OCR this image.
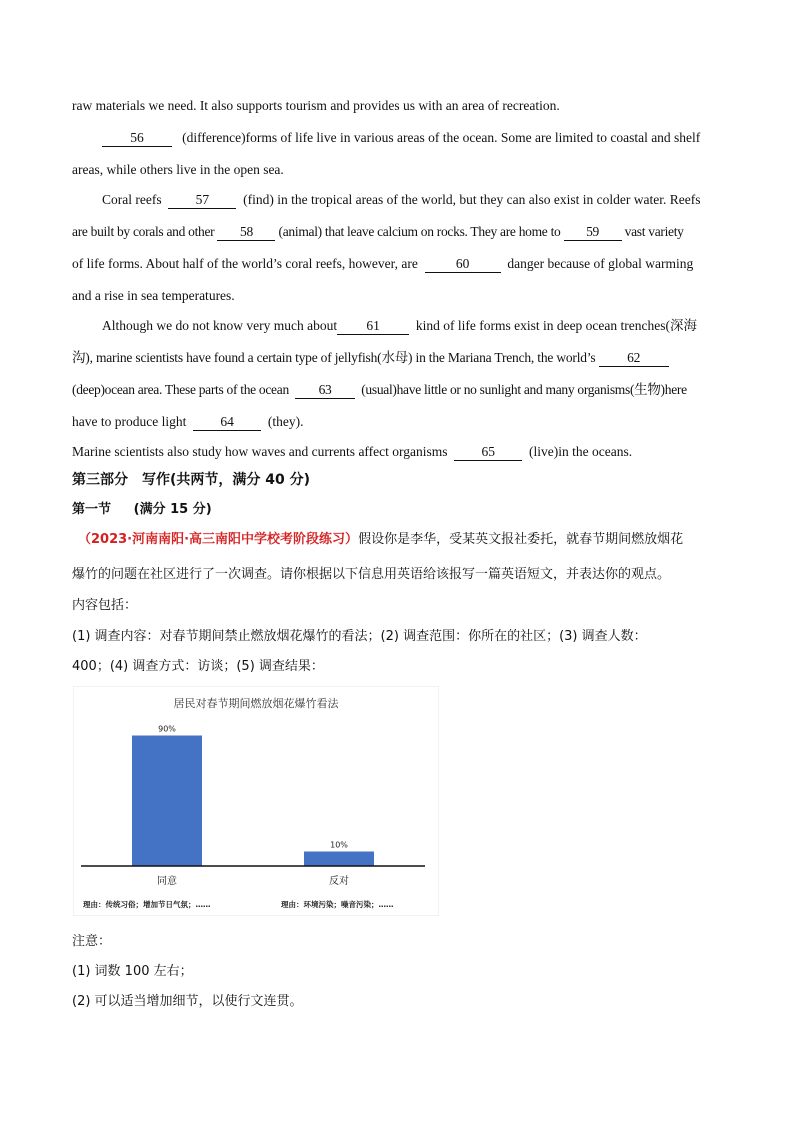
raw materials we need. It also supports tourism and provides us with an area of recreation.
56	(difference)forms of life live in various areas of the ocean. Some are limited to coastal and shelf
areas, while others live in the open sea.
Coral reefs	57	(find) in the tropical areas of the world, but they can also exist in colder water. Reefs
are built by corals and other 58 (animal) that leave calcium on rocks. They are home to 59 vast variety
of life forms. About half of the world’s coral reefs, however, are	60	danger because of global warming
and a rise in sea temperatures.
Although we do not know very much about 61	kind of life forms exist in deep ocean trenches(深海
沟), marine scientists have found a certain type of jellyfish(水母) in the Mariana Trench, the world’s 62
(deep)ocean area. These parts of the ocean 63 (usual)have little or no sunlight and many organisms(生物)here
have to produce light	64	(they).
Marine scientists also study how waves and currents affect organisms	65	(live)in the oceans.
第三部分　写作(共两节，满分 40 分)
第一节 (满分 15 分)
（2023·河南南阳·高三南阳中学校考阶段练习）假设你是李华，受某英文报社委托，就春节期间燃放烟花
爆竹的问题在社区进行了一次调查。请你根据以下信息用英语给该报写一篇英语短文，并表达你的观点。
内容包括：
(1) 调查内容：对春节期间禁止燃放烟花爆竹的看法；(2) 调查范围：你所在的社区；(3) 调查人数：
400；(4) 调查方式：访谈；(5) 调查结果：
居民对春节期间燃放烟花爆竹看法
90%
同意
理由：传统习俗；增加节日气氛；……
10%
反对
理由：环境污染；噪音污染；……
注意：
(1) 词数 100 左右；
(2) 可以适当增加细节，以使行文连贯。
